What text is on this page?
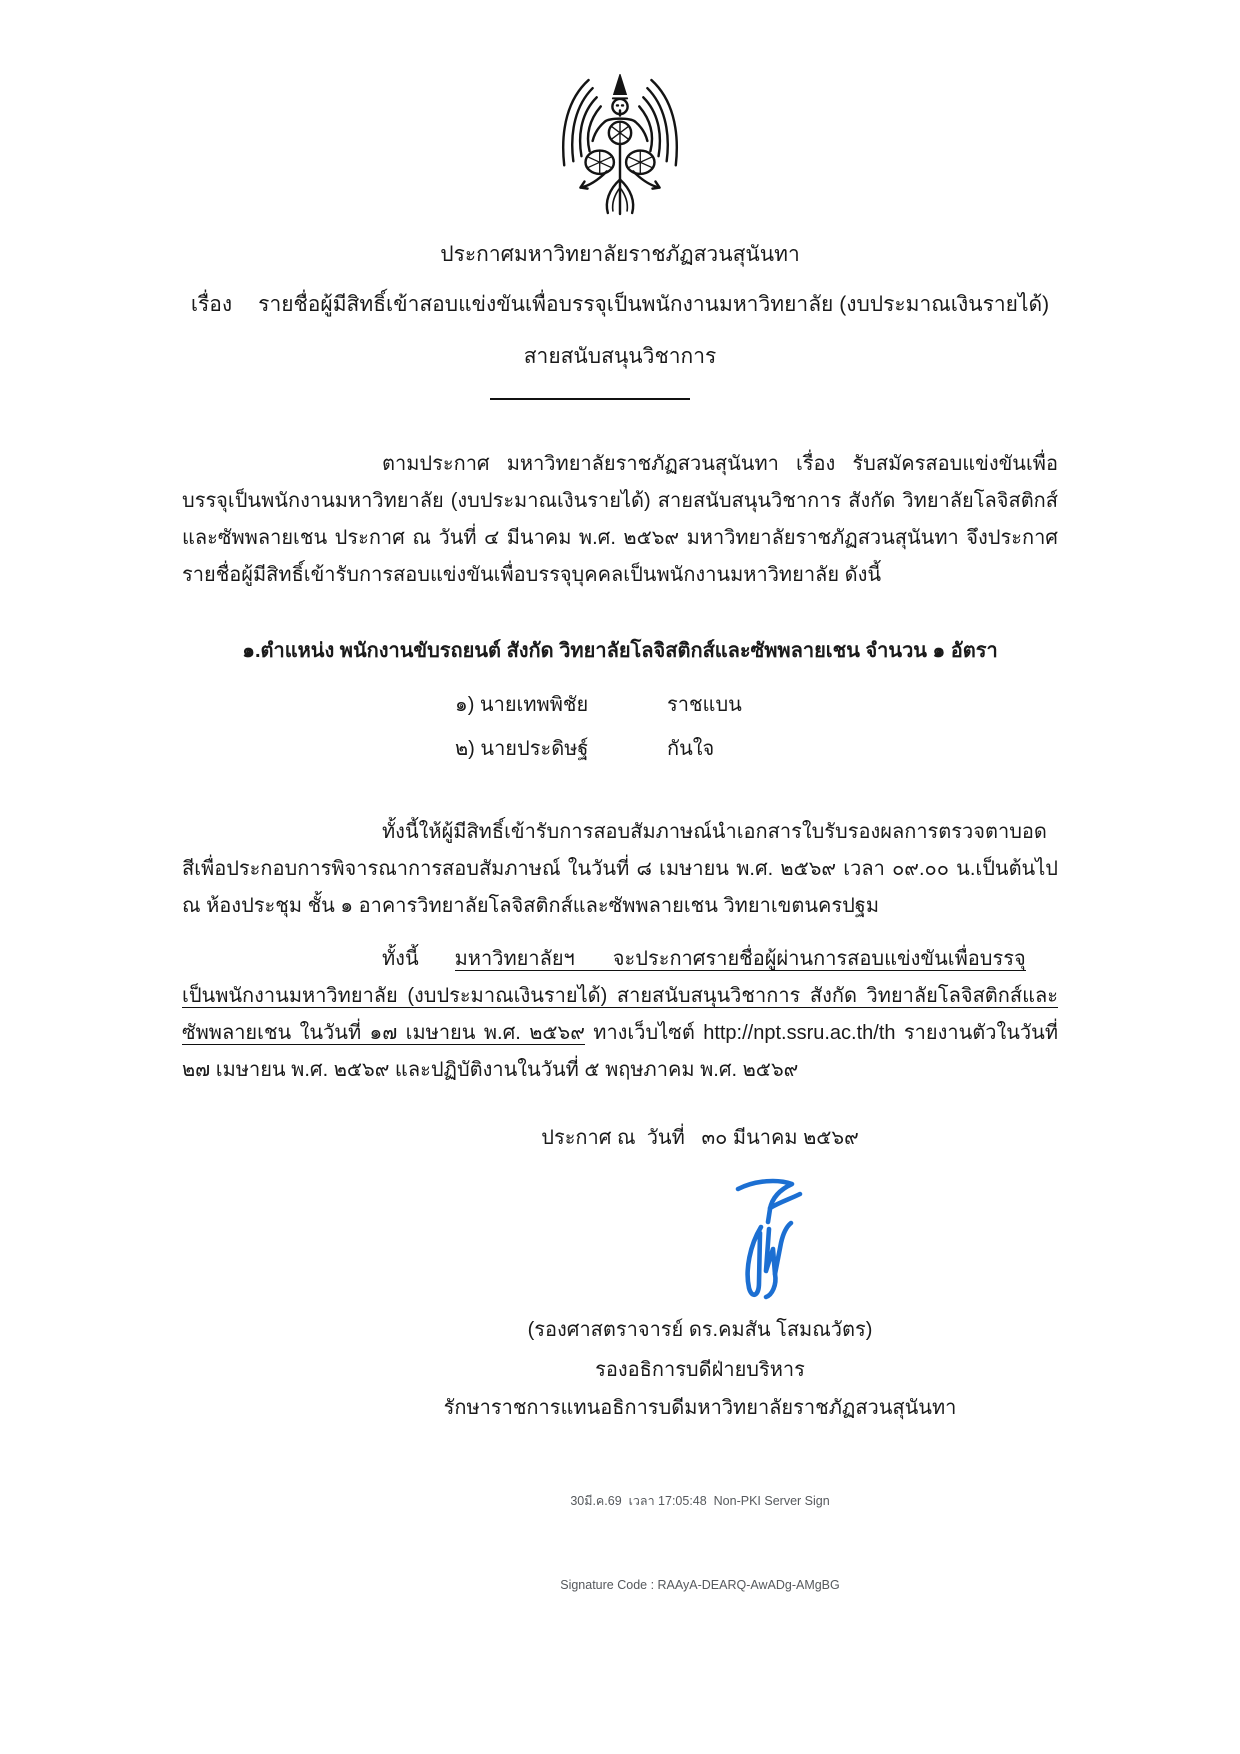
ประกาศมหาวิทยาลัยราชภัฏสวนสุนันทา
เรื่อง รายชื่อผู้มีสิทธิ์เข้าสอบแข่งขันเพื่อบรรจุเป็นพนักงานมหาวิทยาลัย (งบประมาณเงินรายได้)
สายสนับสนุนวิชาการ

ตามประกาศ มหาวิทยาลัยราชภัฏสวนสุนันทา เรื่อง รับสมัครสอบแข่งขันเพื่อบรรจุเป็นพนักงานมหาวิทยาลัย (งบประมาณเงินรายได้) สายสนับสนุนวิชาการ สังกัด วิทยาลัยโลจิสติกส์และซัพพลายเชน ประกาศ ณ วันที่ ๔ มีนาคม พ.ศ. ๒๕๖๙ มหาวิทยาลัยราชภัฏสวนสุนันทา จึงประกาศรายชื่อผู้มีสิทธิ์เข้ารับการสอบแข่งขันเพื่อบรรจุบุคคลเป็นพนักงานมหาวิทยาลัย ดังนี้

๑.ตำแหน่ง พนักงานขับรถยนต์ สังกัด วิทยาลัยโลจิสติกส์และซัพพลายเชน จำนวน ๑ อัตรา
๑) นายเทพพิชัย	ราชแบน
๒) นายประดิษฐ์	กันใจ

ทั้งนี้ให้ผู้มีสิทธิ์เข้ารับการสอบสัมภาษณ์นำเอกสารใบรับรองผลการตรวจตาบอดสีเพื่อประกอบการพิจารณาการสอบสัมภาษณ์ ในวันที่ ๘ เมษายน พ.ศ. ๒๕๖๙ เวลา ๐๙.๐๐ น.เป็นต้นไป ณ ห้องประชุม ชั้น ๑ อาคารวิทยาลัยโลจิสติกส์และซัพพลายเชน วิทยาเขตนครปฐม

ทั้งนี้ มหาวิทยาลัยฯ จะประกาศรายชื่อผู้ผ่านการสอบแข่งขันเพื่อบรรจุเป็นพนักงานมหาวิทยาลัย (งบประมาณเงินรายได้) สายสนับสนุนวิชาการ สังกัด วิทยาลัยโลจิสติกส์และซัพพลายเชน ในวันที่ ๑๗ เมษายน พ.ศ. ๒๕๖๙ ทางเว็บไซต์ http://npt.ssru.ac.th/th รายงานตัวในวันที่ ๒๗ เมษายน พ.ศ. ๒๕๖๙ และปฏิบัติงานในวันที่ ๕ พฤษภาคม พ.ศ. ๒๕๖๙

ประกาศ ณ  วันที่   ๓๐ มีนาคม ๒๕๖๙
(รองศาสตราจารย์ ดร.คมสัน โสมณวัตร)
รองอธิการบดีฝ่ายบริหาร
รักษาราชการแทนอธิการบดีมหาวิทยาลัยราชภัฏสวนสุนันทา

30มี.ค.69  เวลา 17:05:48  Non-PKI Server Sign

Signature Code : RAAyA-DEARQ-AwADg-AMgBG
